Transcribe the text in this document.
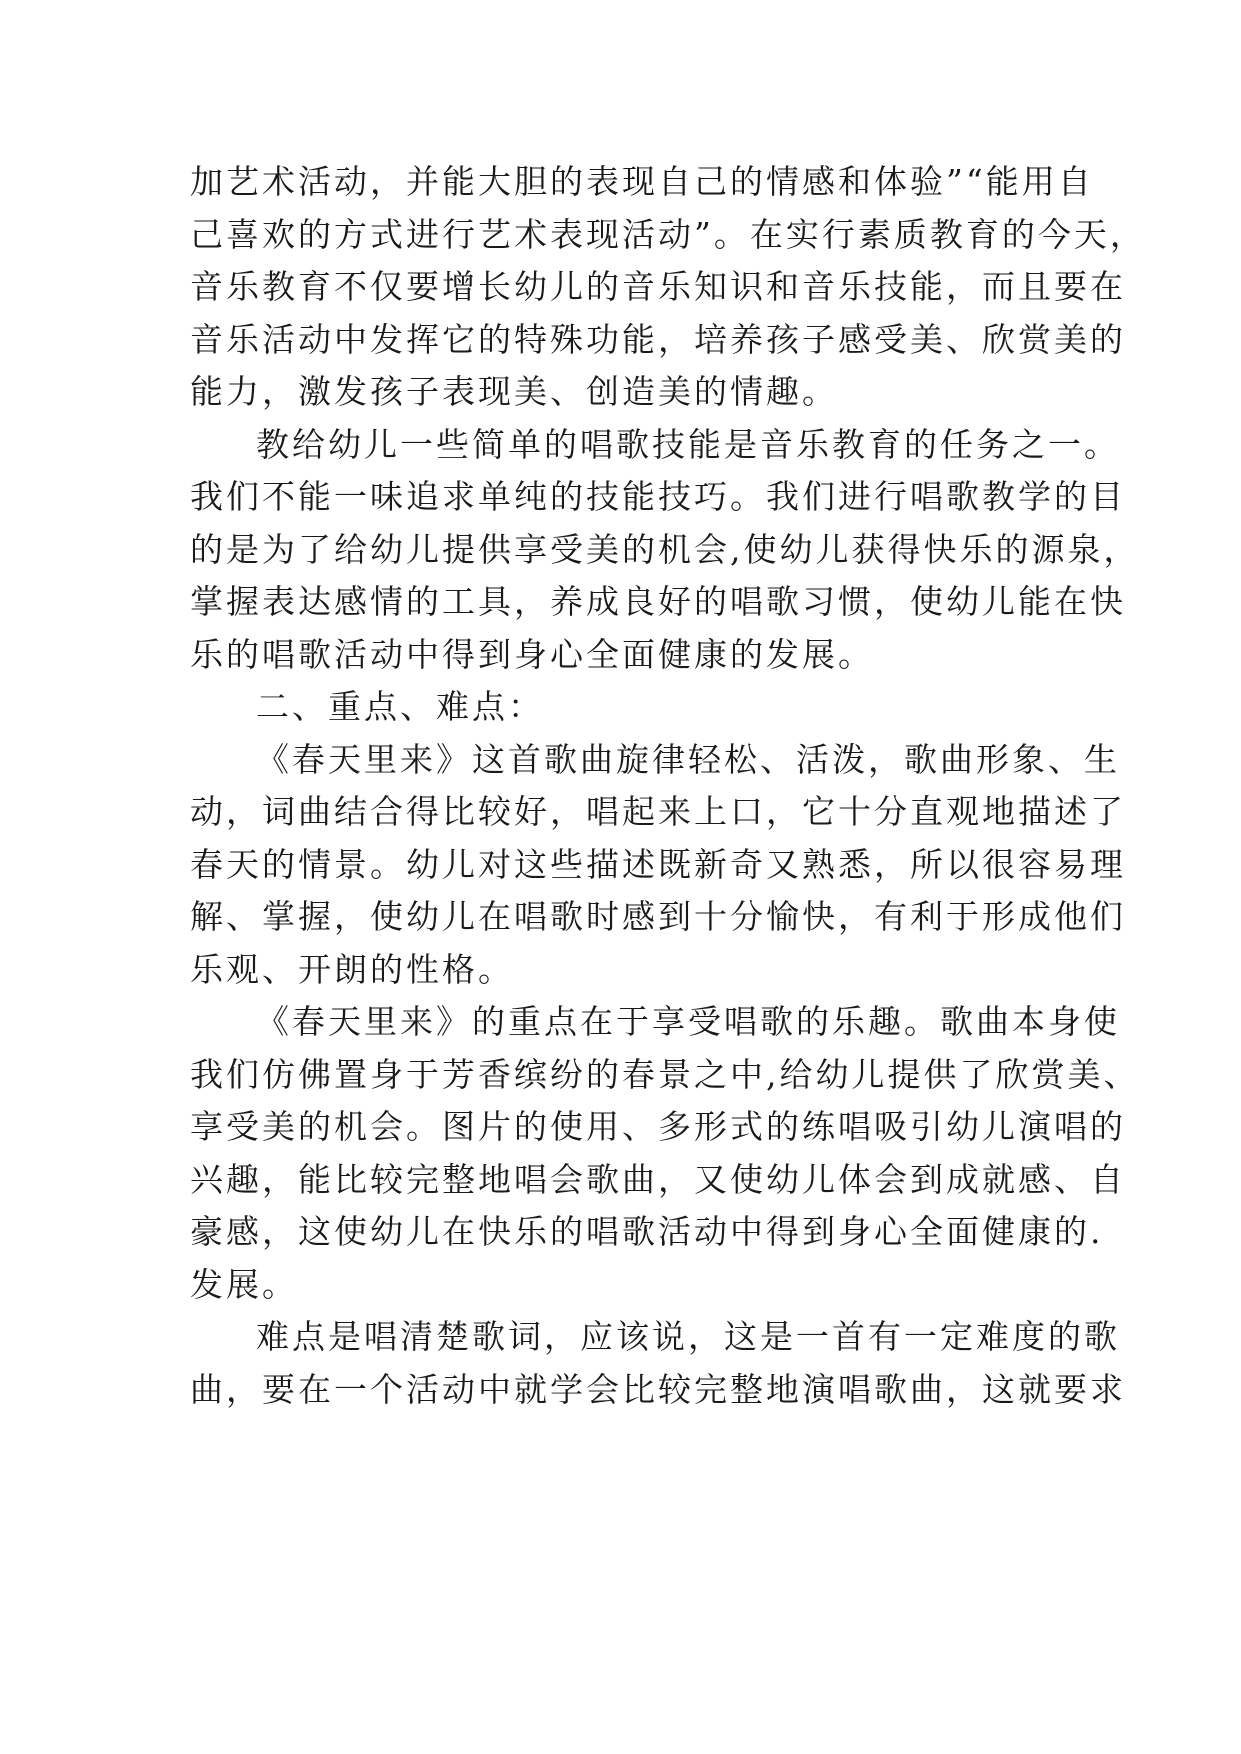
加艺术活动，并能大胆的表现自己的情感和体验”“能用自
己喜欢的方式进行艺术表现活动”。在实行素质教育的今天，
音乐教育不仅要增长幼儿的音乐知识和音乐技能，而且要在
音乐活动中发挥它的特殊功能，培养孩子感受美、欣赏美的
能力，激发孩子表现美、创造美的情趣。
教给幼儿一些简单的唱歌技能是音乐教育的任务之一。
我们不能一味追求单纯的技能技巧。我们进行唱歌教学的目
的是为了给幼儿提供享受美的机会,使幼儿获得快乐的源泉，
掌握表达感情的工具，养成良好的唱歌习惯，使幼儿能在快
乐的唱歌活动中得到身心全面健康的发展。
二、重点、难点：
《春天里来》这首歌曲旋律轻松、活泼，歌曲形象、生
动，词曲结合得比较好，唱起来上口，它十分直观地描述了
春天的情景。幼儿对这些描述既新奇又熟悉，所以很容易理
解、掌握，使幼儿在唱歌时感到十分愉快，有利于形成他们
乐观、开朗的性格。
《春天里来》的重点在于享受唱歌的乐趣。歌曲本身使
我们仿佛置身于芳香缤纷的春景之中,给幼儿提供了欣赏美、
享受美的机会。图片的使用、多形式的练唱吸引幼儿演唱的
兴趣，能比较完整地唱会歌曲，又使幼儿体会到成就感、自
豪感，这使幼儿在快乐的唱歌活动中得到身心全面健康的.
发展。
难点是唱清楚歌词，应该说，这是一首有一定难度的歌
曲，要在一个活动中就学会比较完整地演唱歌曲，这就要求
